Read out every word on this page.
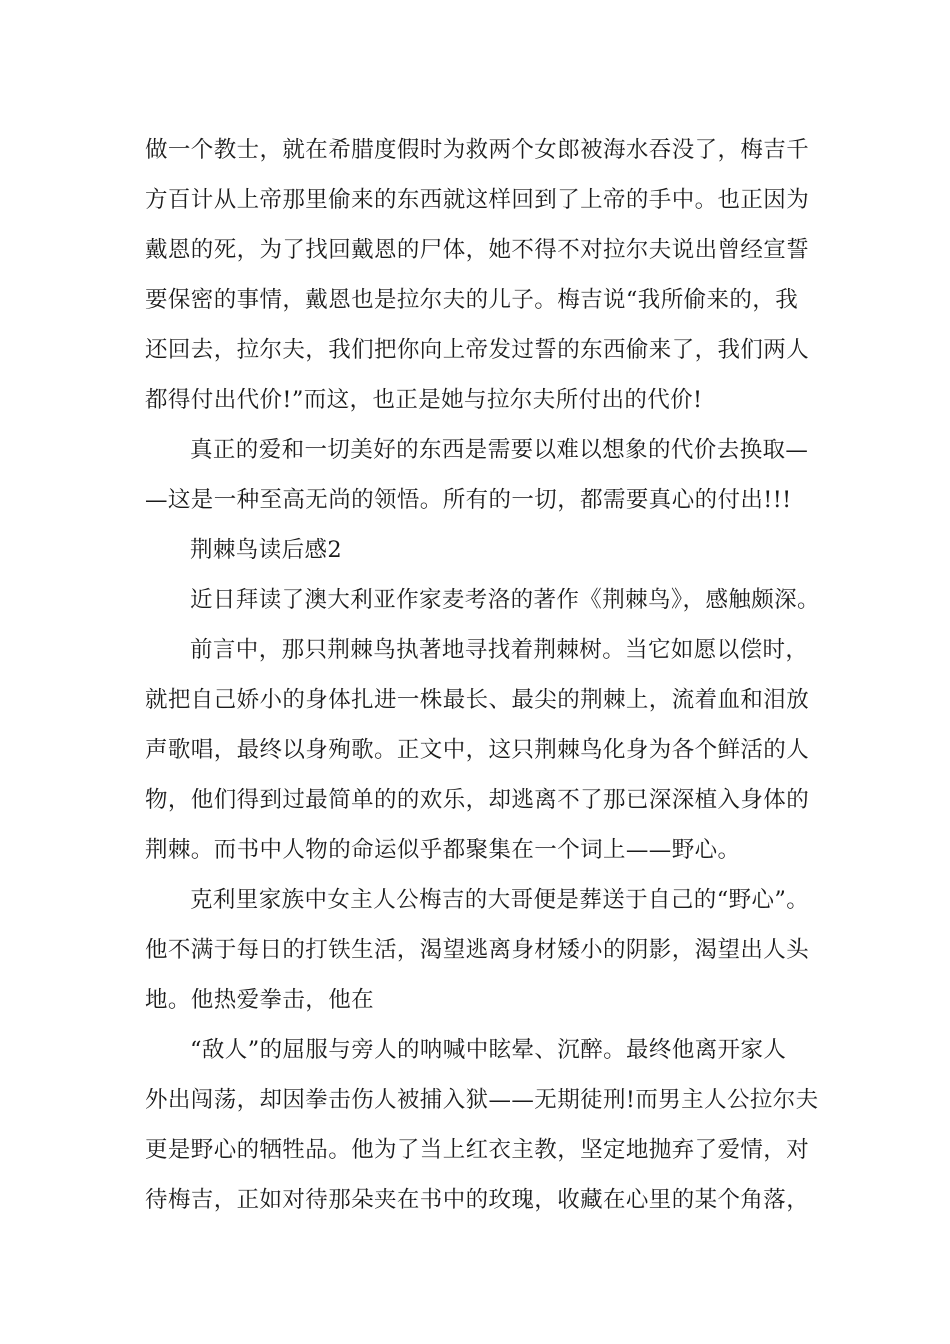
做一个教士，就在希腊度假时为救两个女郎被海水吞没了，梅吉千
方百计从上帝那里偷来的东西就这样回到了上帝的手中。也正因为
戴恩的死，为了找回戴恩的尸体，她不得不对拉尔夫说出曾经宣誓
要保密的事情，戴恩也是拉尔夫的儿子。梅吉说“我所偷来的，我
还回去，拉尔夫，我们把你向上帝发过誓的东西偷来了，我们两人
都得付出代价!”而这，也正是她与拉尔夫所付出的代价!
真正的爱和一切美好的东西是需要以难以想象的代价去换取—
—这是一种至高无尚的领悟。所有的一切，都需要真心的付出!!!
荆棘鸟读后感2
近日拜读了澳大利亚作家麦考洛的著作《荆棘鸟》，感触颇深。
前言中，那只荆棘鸟执著地寻找着荆棘树。当它如愿以偿时，
就把自己娇小的身体扎进一株最长、最尖的荆棘上，流着血和泪放
声歌唱，最终以身殉歌。正文中，这只荆棘鸟化身为各个鲜活的人
物，他们得到过最简单的的欢乐，却逃离不了那已深深植入身体的
荆棘。而书中人物的命运似乎都聚集在一个词上——野心。
克利里家族中女主人公梅吉的大哥便是葬送于自己的“野心”。
他不满于每日的打铁生活，渴望逃离身材矮小的阴影，渴望出人头
地。他热爱拳击，他在
“敌人”的屈服与旁人的呐喊中眩晕、沉醉。最终他离开家人
外出闯荡，却因拳击伤人被捕入狱——无期徒刑!而男主人公拉尔夫
更是野心的牺牲品。他为了当上红衣主教，坚定地抛弃了爱情，对
待梅吉，正如对待那朵夹在书中的玫瑰，收藏在心里的某个角落，
